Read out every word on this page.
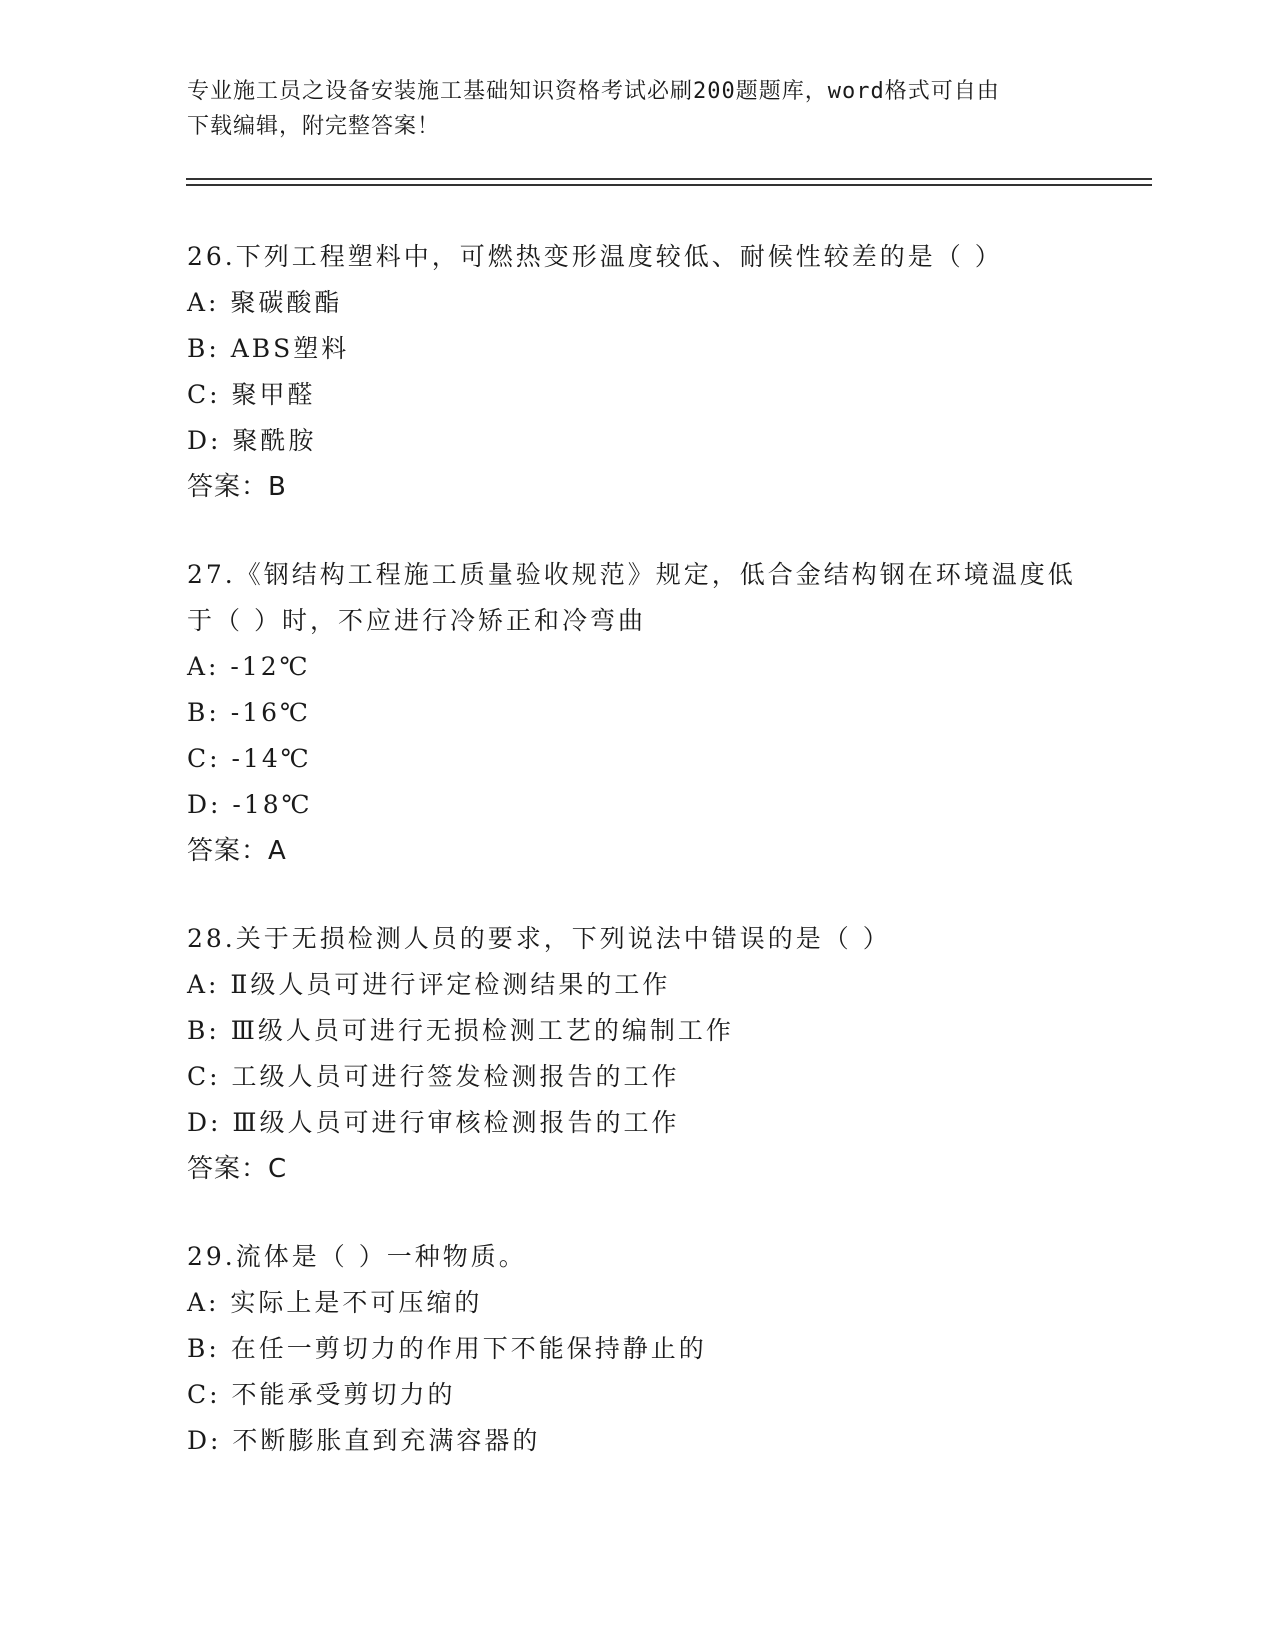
专业施工员之设备安装施工基础知识资格考试必刷200题题库，word格式可自由
下载编辑，附完整答案！
26.下列工程塑料中，可燃热变形温度较低、耐候性较差的是（ ）
A: 聚碳酸酯
B: ABS塑料
C: 聚甲醛
D: 聚酰胺
答案：B
27.《钢结构工程施工质量验收规范》规定，低合金结构钢在环境温度低于（ ）时，不应进行冷矫正和冷弯曲
A: -12℃
B: -16℃
C: -14℃
D: -18℃
答案：A
28.关于无损检测人员的要求，下列说法中错误的是（ ）
A: Ⅱ级人员可进行评定检测结果的工作
B: Ⅲ级人员可进行无损检测工艺的编制工作
C: 工级人员可进行签发检测报告的工作
D: Ⅲ级人员可进行审核检测报告的工作
答案：C
29.流体是（ ）一种物质。
A: 实际上是不可压缩的
B: 在任一剪切力的作用下不能保持静止的
C: 不能承受剪切力的
D: 不断膨胀直到充满容器的
